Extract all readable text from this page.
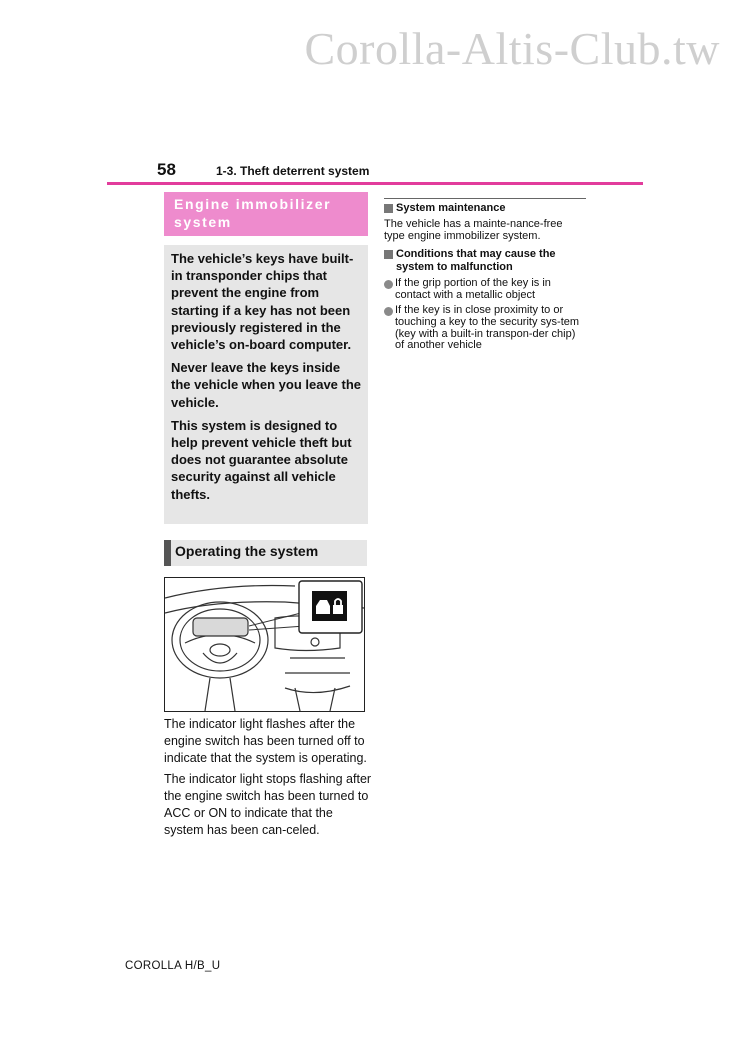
Corolla-Altis-Club.tw
58	1-3. Theft deterrent system
Engine immobilizer system

The vehicle’s keys have built-in transponder chips that prevent the engine from starting if a key has not been previously registered in the vehicle’s on-board computer.

Never leave the keys inside the vehicle when you leave the vehicle.

This system is designed to help prevent vehicle theft but does not guarantee absolute security against all vehicle thefts.

Operating the system

The indicator light flashes after the engine switch has been turned off to indicate that the system is operating.

The indicator light stops flashing after the engine switch has been turned to ACC or ON to indicate that the system has been can-celed.

System maintenance
The vehicle has a mainte-nance-free type engine immobilizer system.
Conditions that may cause the system to malfunction
If the grip portion of the key is in contact with a metallic object
If the key is in close proximity to or touching a key to the security sys-tem (key with a built-in transpon-der chip) of another vehicle
COROLLA H/B_U
